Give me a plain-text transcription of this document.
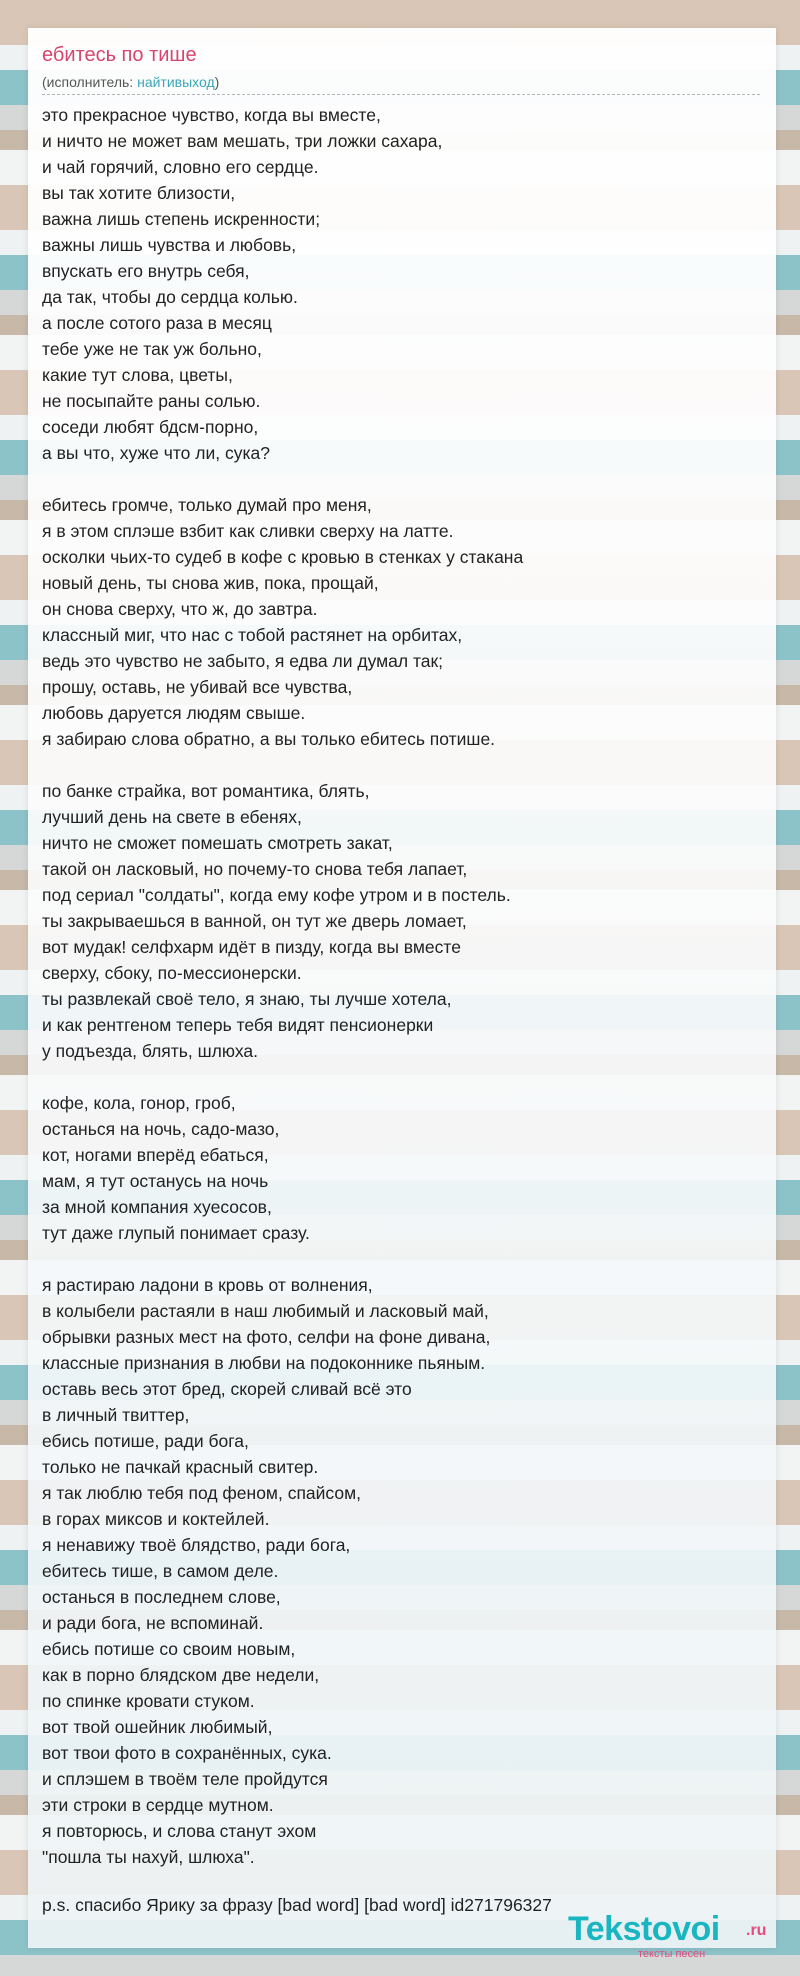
ебитесь по тише
(исполнитель: найтивыход)
это прекрасное чувство, когда вы вместе,
и ничто не может вам мешать, три ложки сахара,
и чай горячий, словно его сердце.
вы так хотите близости,
важна лишь степень искренности;
важны лишь чувства и любовь,
впускать его внутрь себя,
да так, чтобы до сердца колью.
а после сотого раза в месяц
тебе уже не так уж больно,
какие тут слова, цветы,
не посыпайте раны солью.
соседи любят бдсм-порно,
а вы что, хуже что ли, сука?
ебитесь громче, только думай про меня,
я в этом сплэше взбит как сливки сверху на латте.
осколки чьих-то судеб в кофе с кровью в стенках у стакана
новый день, ты снова жив, пока, прощай,
он снова сверху, что ж, до завтра.
классный миг, что нас с тобой растянет на орбитах,
ведь это чувство не забыто, я едва ли думал так;
прошу, оставь, не убивай все чувства,
любовь даруется людям свыше.
я забираю слова обратно, а вы только ебитесь потише.
по банке страйка, вот романтика, блять,
лучший день на свете в ебенях,
ничто не сможет помешать смотреть закат,
такой он ласковый, но почему-то снова тебя лапает,
под сериал "солдаты", когда ему кофе утром и в постель.
ты закрываешься в ванной, он тут же дверь ломает,
вот мудак! селфхарм идёт в пизду, когда вы вместе
сверху, сбоку, по-мессионерски.
ты развлекай своё тело, я знаю, ты лучше хотела,
и как рентгеном теперь тебя видят пенсионерки
у подъезда, блять, шлюха.
кофе, кола, гонор, гроб,
останься на ночь, садо-мазо,
кот, ногами вперёд ебаться,
мам, я тут останусь на ночь
за мной компания хуесосов,
тут даже глупый понимает сразу.
я растираю ладони в кровь от волнения,
в колыбели растаяли в наш любимый и ласковый май,
обрывки разных мест на фото, селфи на фоне дивана,
классные признания в любви на подоконнике пьяным.
оставь весь этот бред, скорей сливай всё это
в личный твиттер,
ебись потише, ради бога,
только не пачкай красный свитер.
я так люблю тебя под феном, спайсом,
в горах миксов и коктейлей.
я ненавижу твоё блядство, ради бога,
ебитесь тише, в самом деле.
останься в последнем слове,
и ради бога, не вспоминай.
ебись потише со своим новым,
как в порно блядском две недели,
по спинке кровати стуком.
вот твой ошейник любимый,
вот твои фото в сохранённых, сука.
и сплэшем в твоём теле пройдутся
эти строки в сердце мутном.
я повторюсь, и слова станут эхом
"пошла ты нахуй, шлюха".
p.s. спасибо Ярику за фразу [bad word] [bad word] id271796327
Tekstovoi .ru
тексты песен
